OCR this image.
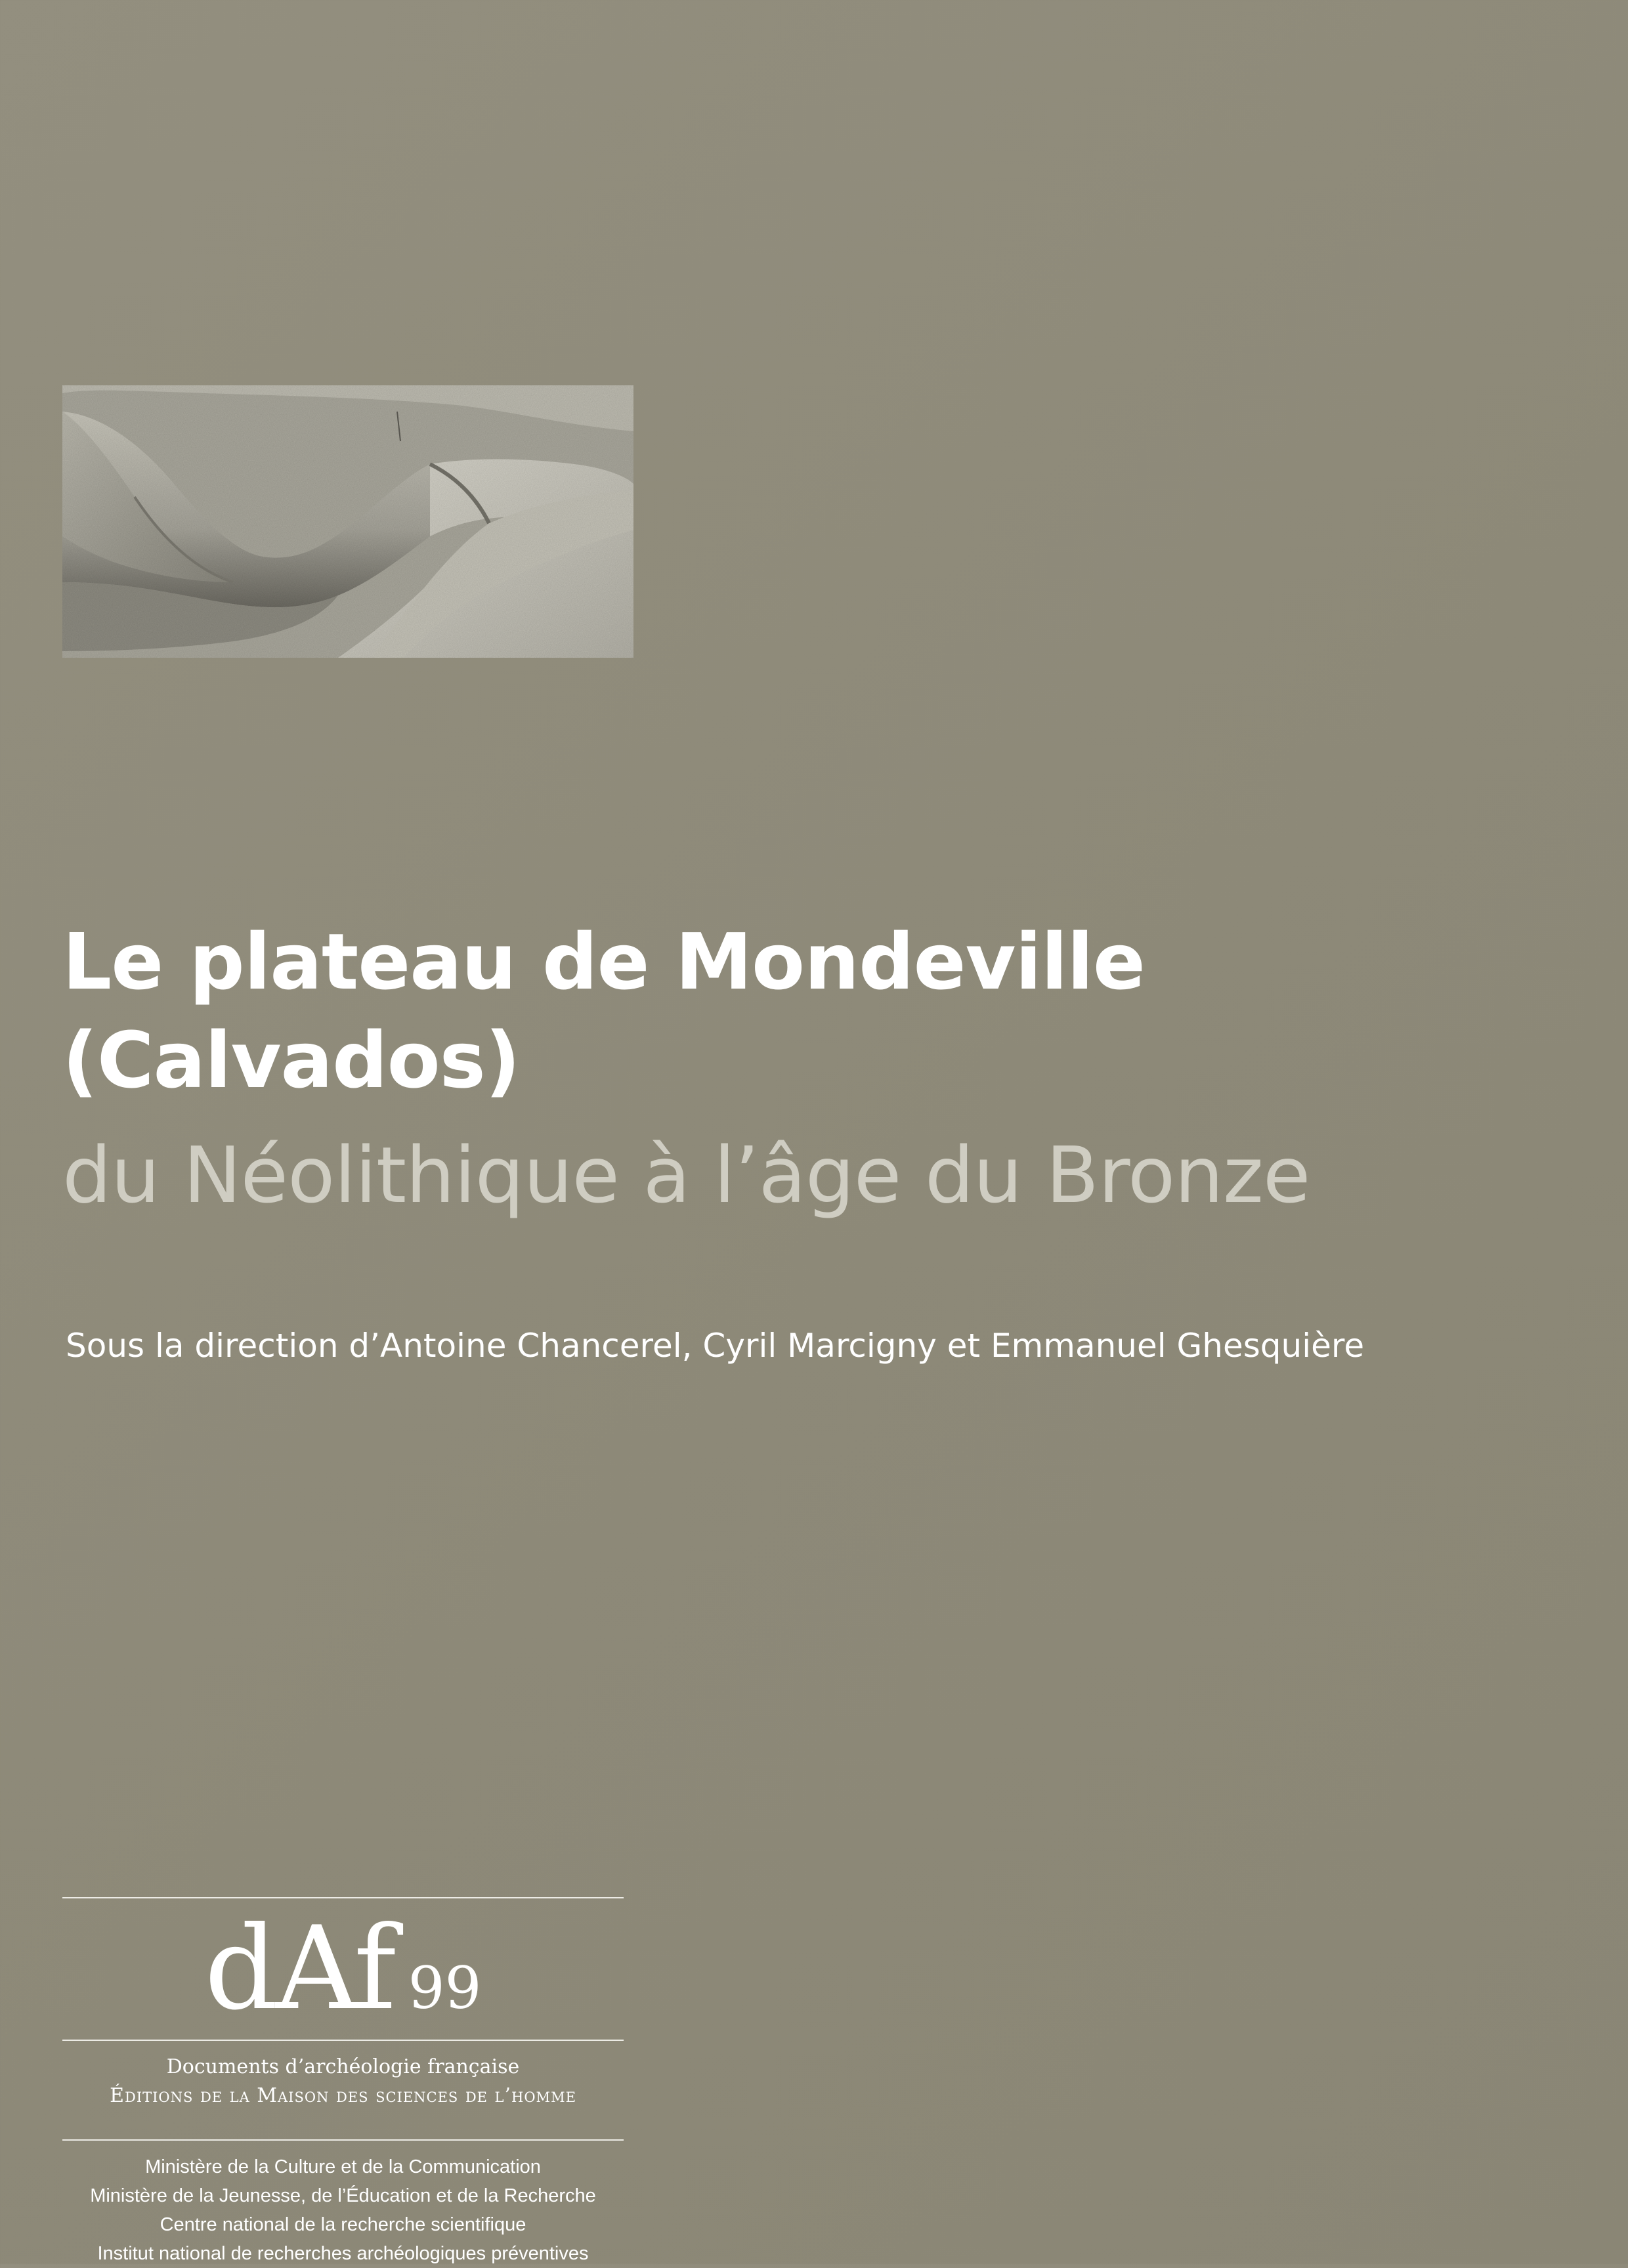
Le plateau de Mondeville
(Calvados)
du Néolithique à l’âge du Bronze
Sous la direction d’Antoine Chancerel, Cyril Marcigny et Emmanuel Ghesquière
dAf 99
Documents d’archéologie française
Éditions de la Maison des sciences de l’homme
Ministère de la Culture et de la Communication
Ministère de la Jeunesse, de l’Éducation et de la Recherche
Centre national de la recherche scientifique
Institut national de recherches archéologiques préventives
